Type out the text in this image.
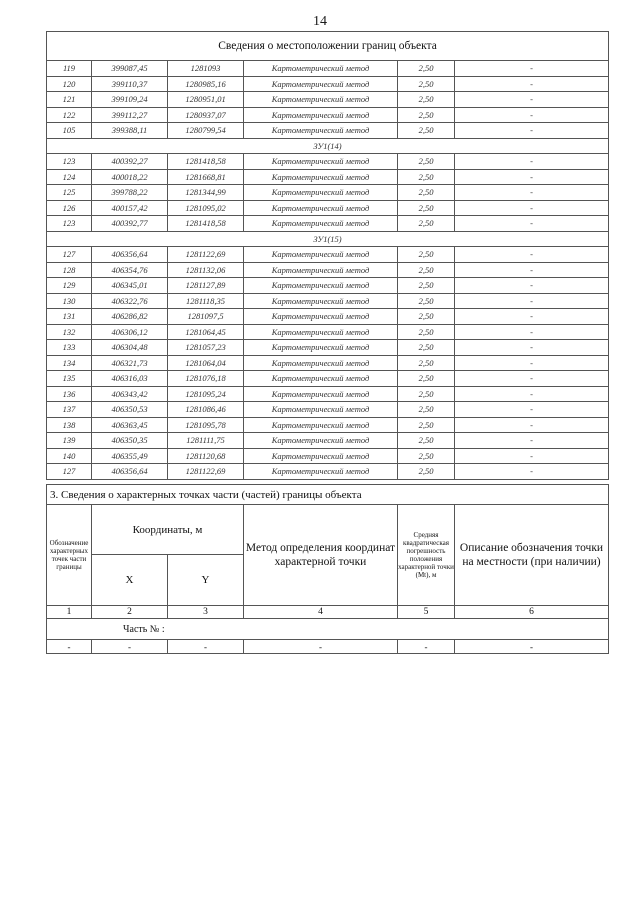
14
Сведения о местоположении границ объекта					
119	399087,45	1281093	Картометрический метод	2,50	-
120	399110,37	1280985,16	Картометрический метод	2,50	-
121	399109,24	1280951,01	Картометрический метод	2,50	-
122	399112,27	1280937,07	Картометрический метод	2,50	-
105	399388,11	1280799,54	Картометрический метод	2,50	-
ЗУ1(14)					
123	400392,27	1281418,58	Картометрический метод	2,50	-
124	400018,22	1281668,81	Картометрический метод	2,50	-
125	399788,22	1281344,99	Картометрический метод	2,50	-
126	400157,42	1281095,02	Картометрический метод	2,50	-
123	400392,77	1281418,58	Картометрический метод	2,50	-
ЗУ1(15)					
127	406356,64	1281122,69	Картометрический метод	2,50	-
128	406354,76	1281132,06	Картометрический метод	2,50	-
129	406345,01	1281127,89	Картометрический метод	2,50	-
130	406322,76	1281118,35	Картометрический метод	2,50	-
131	406286,82	1281097,5	Картометрический метод	2,50	-
132	406306,12	1281064,45	Картометрический метод	2,50	-
133	406304,48	1281057,23	Картометрический метод	2,50	-
134	406321,73	1281064,04	Картометрический метод	2,50	-
135	406316,03	1281076,18	Картометрический метод	2,50	-
136	406343,42	1281095,24	Картометрический метод	2,50	-
137	406350,53	1281086,46	Картометрический метод	2,50	-
138	406363,45	1281095,78	Картометрический метод	2,50	-
139	406350,35	1281111,75	Картометрический метод	2,50	-
140	406355,49	1281120,68	Картометрический метод	2,50	-
127	406356,64	1281122,69	Картометрический метод	2,50	-
3. Сведения о характерных точках части (частей) границы объекта					
Обозначение характерных точек части границы	Координаты, м		Метод определения координат характерной точки	Средняя квадратическая погрешность положения характерной точки (Mt), м	Описание обозначения точки на местности (при наличии)
	X	Y			
1	2	3	4	5	6
Часть № :					
-	-	-	-	-	-
